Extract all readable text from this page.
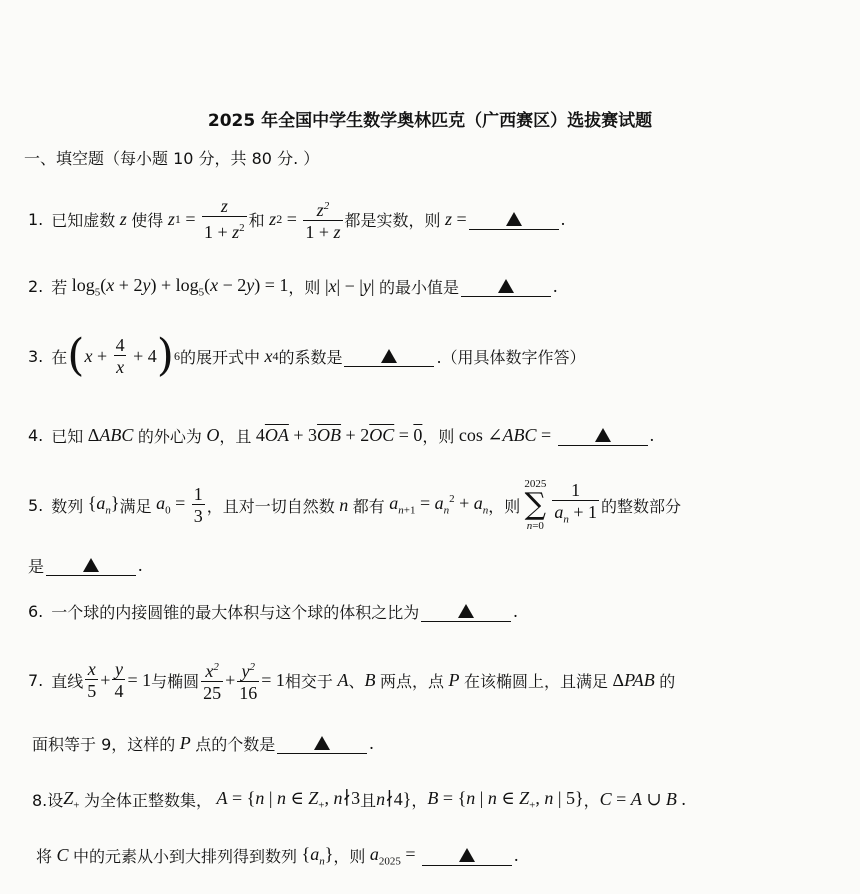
2025 年全国中学生数学奥林匹克（广西赛区）选拔赛试题
一、填空题（每小题 10 分，共 80 分. ）
1. 已知虚数 z 使得 z $1 = \frac{z}{1 + z^2}$ 和 z $2 = \frac{z^2}{1 + z}$ 都是实数，则 z =	.
2. 若 $\log_5(x + 2y) + \log_5(x - 2y) = 1$ ，则 |x| − |y| 的最小值是	.
3. 在 ( $x + \frac{4}{x} + 4$ ) 6 的展开式中 x 4 的系数是	.（用具体数字作答）
4. 已知 ΔABC 的外心为 O ，且 $4\overline{OA} + 3\overline{OB} + 2\overline{OC} = 0$ ，则 cos ∠ABC =	.
5. 数列 $\{a_n\}$ 满足 $a_0 = \frac{1}{3}$ ，且对一切自然数 n 都有 $a_{n+1} = a_n^2 + a_n$ ，则
2025
∑
$n=0 \frac{1}{a_n + 1}$ 的整数部分
是	.
6. 一个球的内接圆锥的最大体积与这个球的体积之比为	.
7. 直线 $\frac{x}{5} + \frac{y}{4} = 1$ 与椭圆 $\frac{x^2}{25} + \frac{y^2}{16} = 1$ 相交于 A 、 B 两点，点 P 在该椭圆上，且满足 ΔPAB 的
面积等于 9，这样的 P 点的个数是	.
8.设 $Z_+$ 为全体正整数集， A = {n | n ∈ $Z_+$, n∤3 且 n∤4} ， B = {n | n ∈ $Z_+$, n | 5} ， C = A ∪ B .
将 C 中的元素从小到大排列得到数列 $\{a_n\}$ ，则 $a_{2025}$ =	.
